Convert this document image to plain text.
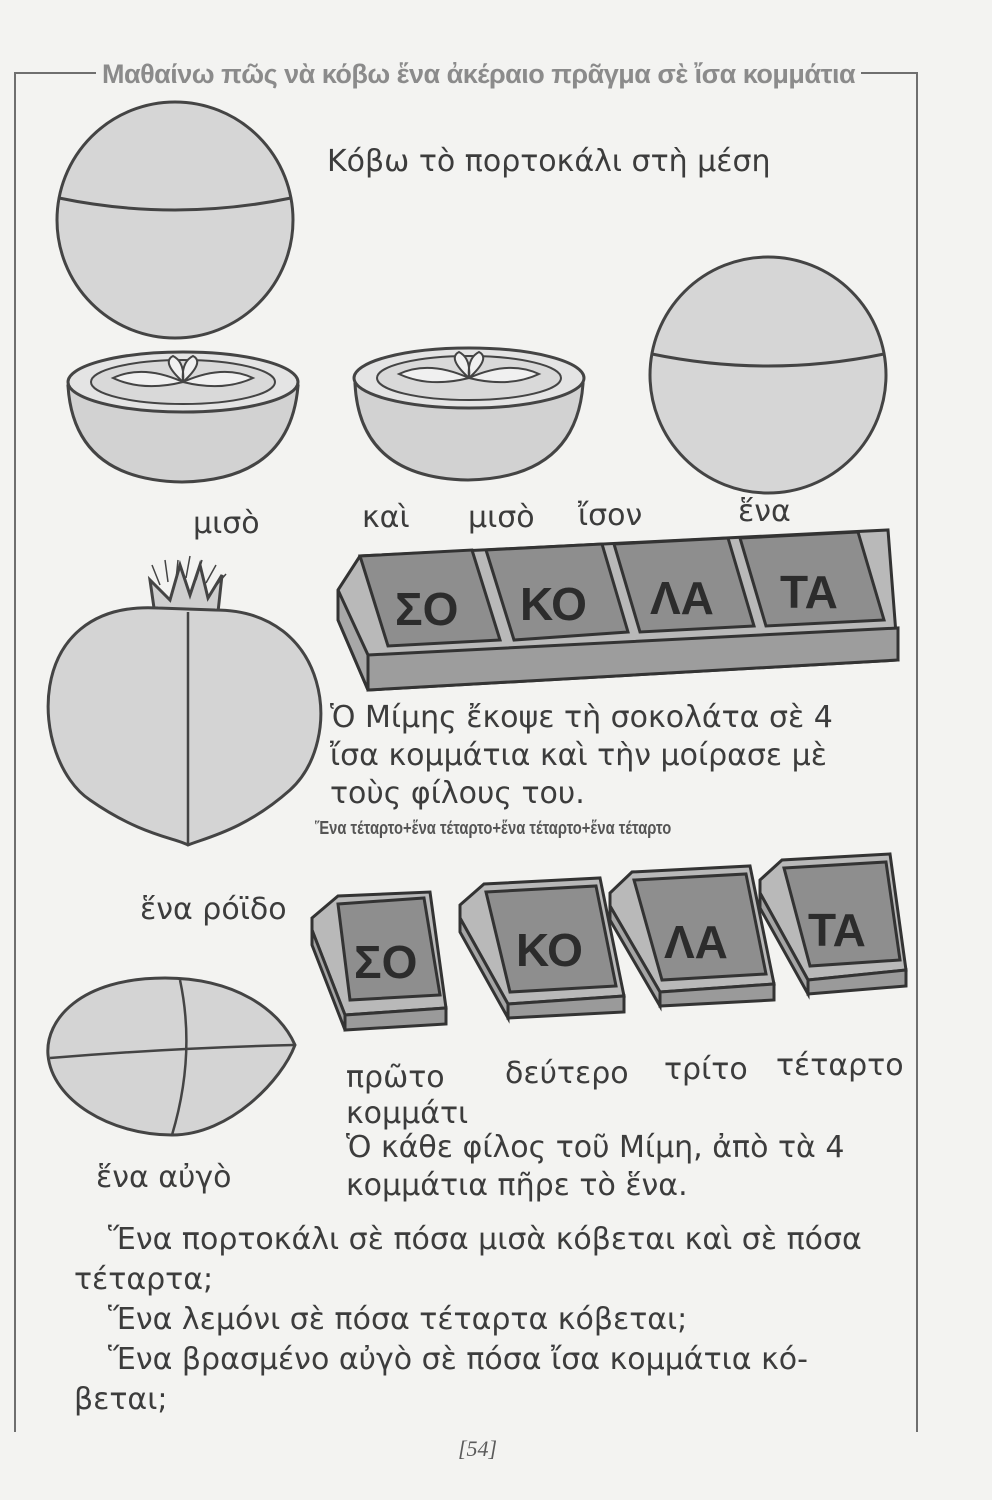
Μαθαίνω πῶς νὰ κόβω ἕνα ἀκέραιο πρᾶγμα σὲ ἴσα κομμάτια
ΣΟ ΚΟ ΛΑ ΤΑ
ΣΟ ΚΟ ΛΑ ΤΑ
Κόβω τὸ πορτοκάλι στὴ μέση
μισὸ	καὶ μισὸ ἴσον	ἕνα
Ὁ Μίμης ἔκοψε τὴ σοκολάτα σὲ 4
ἴσα κομμάτια καὶ τὴν μοίρασε μὲ
τοὺς φίλους του.
Ἕνα τέταρτο+ἕνα τέταρτο+ἕνα τέταρτο+ἕνα τέταρτο
ἕνα ρόϊδο
ἕνα αὐγὸ
πρῶτο δεύτερο τρίτο τέταρτο
κομμάτι
Ὁ κάθε φίλος τοῦ Μίμη, ἀπὸ τὰ 4
κομμάτια πῆρε τὸ ἕνα.
Ἕνα πορτοκάλι σὲ πόσα μισὰ κόβεται καὶ σὲ πόσα
τέταρτα;
Ἕνα λεμόνι σὲ πόσα τέταρτα κόβεται;
Ἕνα βρασμένο αὐγὸ σὲ πόσα ἴσα κομμάτια κό-
βεται;
[54]
